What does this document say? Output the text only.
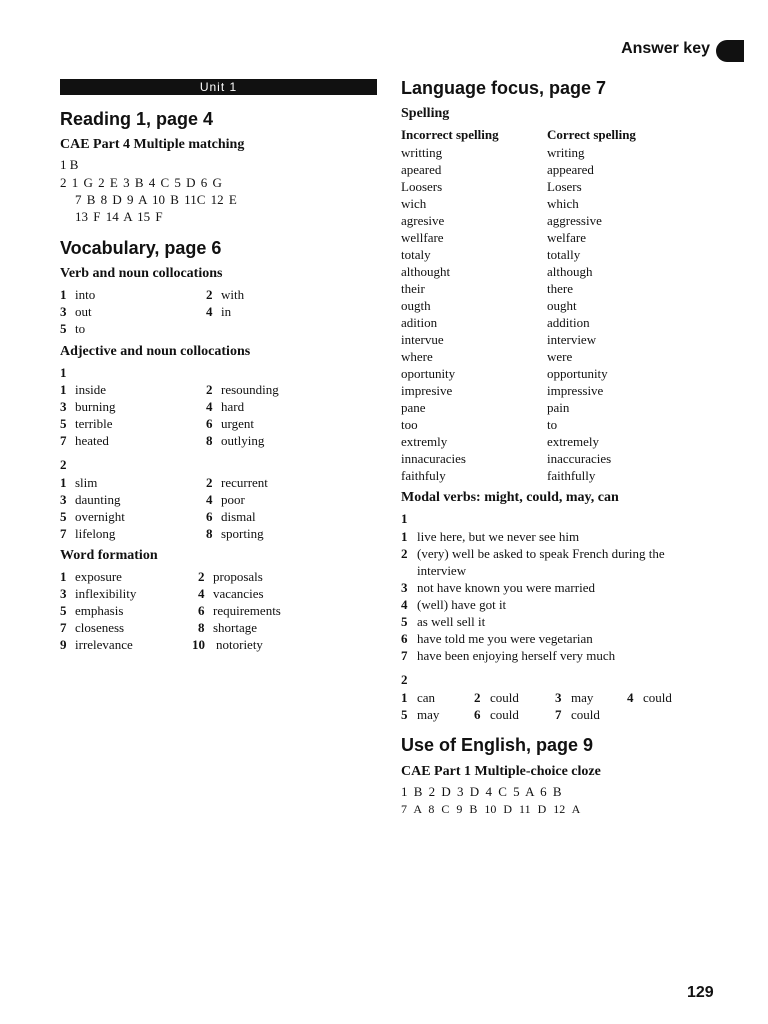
Answer key
Unit 1
Reading 1, page 4
CAE Part 4 Multiple matching
1 B
2 1 G 2 E 3 B 4 C 5 D 6 G
7 B 8 D 9 A 10 B 11C 12 E
13 F 14 A 15 F
Vocabulary, page 6
Verb and noun collocations
1 into	2 with
3 out	4 in
5 to
Adjective and noun collocations
1
1 inside	2 resounding
3 burning	4 hard
5 terrible	6 urgent
7 heated	8 outlying
2
1 slim	2 recurrent
3 daunting	4 poor
5 overnight	6 dismal
7 lifelong	8 sporting
Word formation
1 exposure	2 proposals
3 inflexibility	4 vacancies
5 emphasis	6 requirements
7 closeness	8 shortage
9 irrelevance	10 notoriety
Language focus, page 7
Spelling
Incorrect spelling	Correct spelling
writting	writing
apeared	appeared
Loosers	Losers
wich	which
agresive	aggressive
wellfare	welfare
totaly	totally
althought	although
their	there
ougth	ought
adition	addition
intervue	interview
where	were
oportunity	opportunity
impresive	impressive
pane	pain
too	to
extremly	extremely
innacuracies	inaccuracies
faithfuly	faithfully
Modal verbs: might, could, may, can
1
1 live here, but we never see him
2 (very) well be asked to speak French during the
interview
3 not have known you were married
4 (well) have got it
5 as well sell it
6 have told me you were vegetarian
7 have been enjoying herself very much
2
1 can	2 could	3 may	4 could
5 may	6 could	7 could
Use of English, page 9
CAE Part 1 Multiple-choice cloze
1 B 2 D 3 D 4 C 5 A 6 B
7 A 8 C 9 B 10 D 11 D 12 A
129
